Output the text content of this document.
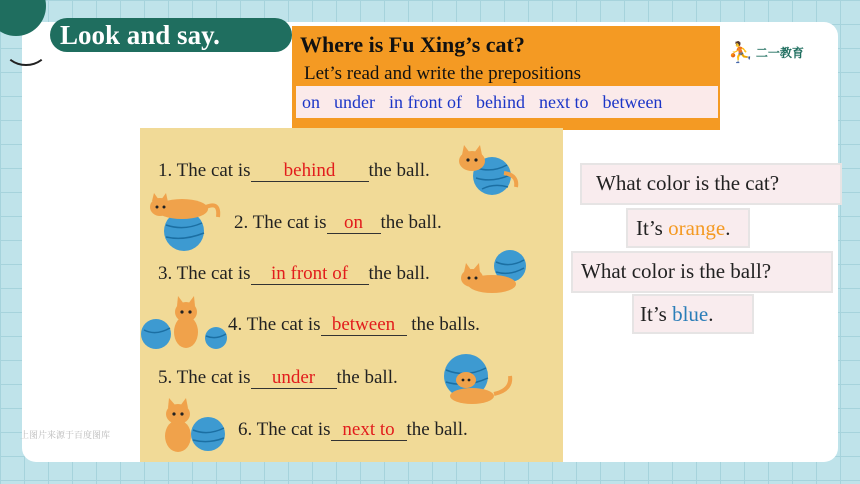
Look and say.	Where is Fu Xing’s cat?
Let’s read and write the prepositions
on under in front of behind next to between
⛹ 二一教育
1. The cat is behind the ball.
2. The cat is on the ball.
3. The cat is in front of the ball.
4. The cat is between the balls.
5. The cat is under the ball.
6. The cat is next to the ball.
What color is the cat?
It’s orange.
What color is the ball?
It’s blue.
上图片来源于百度图库
